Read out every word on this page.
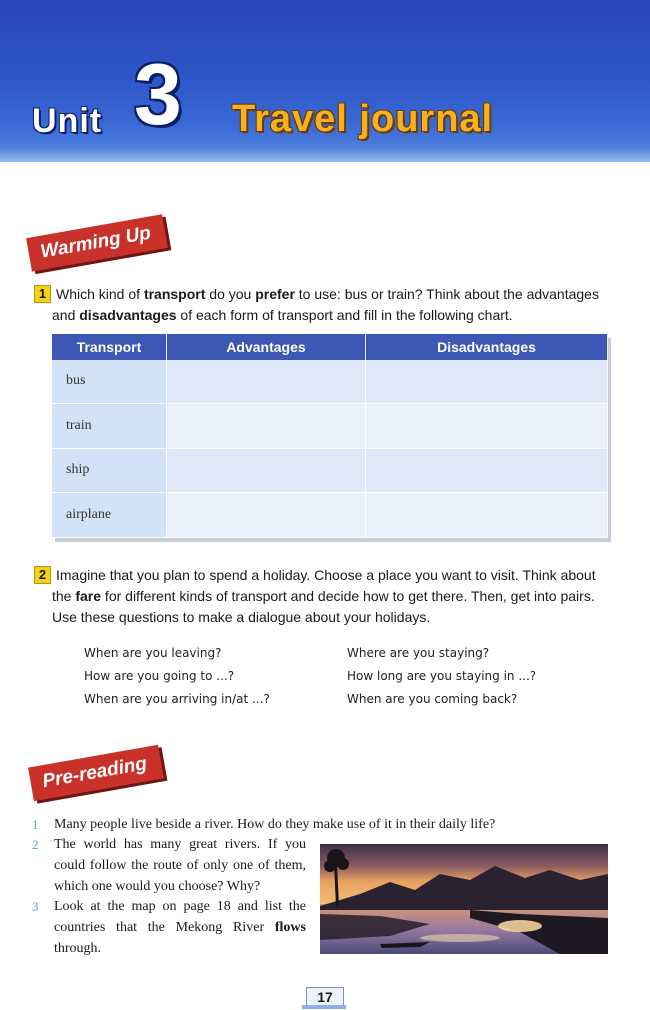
Unit 3 Travel journal
Warming Up
1 Which kind of transport do you prefer to use: bus or train? Think about the advantages
and disadvantages of each form of transport and fill in the following chart.
Transport	Advantages	Disadvantages
bus		
train		
ship		
airplane		
2 Imagine that you plan to spend a holiday. Choose a place you want to visit. Think about
the fare for different kinds of transport and decide how to get there. Then, get into pairs.
Use these questions to make a dialogue about your holidays.
When are you leaving?
How are you going to ...?
When are you arriving in/at ...?
Where are you staying?
How long are you staying in ...?
When are you coming back?
Pre-reading
1 Many people live beside a river. How do they make use of it in their daily life?
2 The world has many great rivers. If you could follow the route of only one of them, which one would you choose? Why?
3 Look at the map on page 18 and list the countries that the Mekong River flows through.
17
